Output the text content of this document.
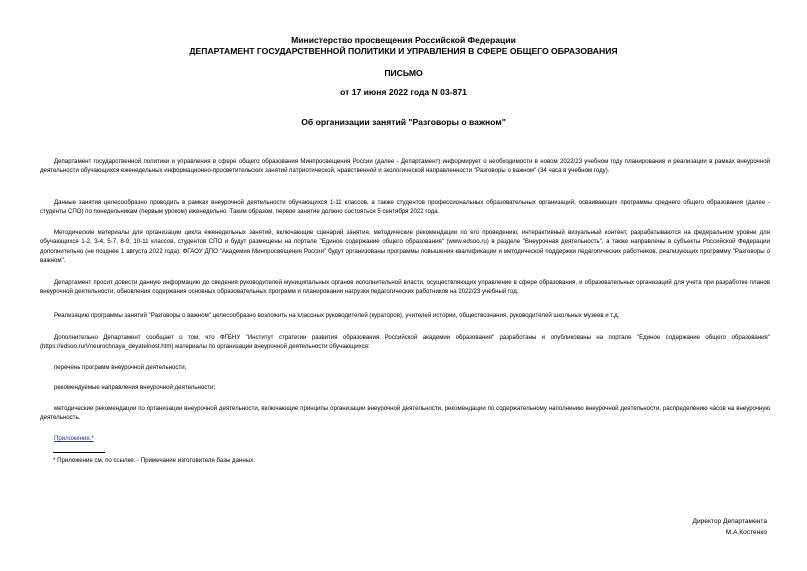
Министерство просвещения Российской Федерации
ДЕПАРТАМЕНТ ГОСУДАРСТВЕННОЙ ПОЛИТИКИ И УПРАВЛЕНИЯ В СФЕРЕ ОБЩЕГО ОБРАЗОВАНИЯ
ПИСЬМО
от 17 июня 2022 года N 03-871
Об организации занятий "Разговоры о важном"

Департамент государственной политики и управления в сфере общего образования Минпросвещения России (далее - Департамент) информирует о необходимости в новом 2022/23 учебном году планирования и реализации в рамках внеурочной деятельности обучающихся еженедельных информационно-просветительских занятий патриотической, нравственной и экологической направленности "Разговоры о важном" (34 часа в учебном году).

Данные занятия целесообразно проводить в рамках внеурочной деятельности обучающихся 1-11 классов, а также студентов профессиональных образовательных организаций, осваивающих программы среднего общего образования (далее - студенты СПО) по понедельникам (первым уроком) еженедельно. Таким образом, первое занятие должно состояться 5 сентября 2022 года.

Методические материалы для организации цикла еженедельных занятий, включающие сценарий занятия, методические рекомендации по его проведению, интерактивный визуальный контент, разрабатываются на федеральном уровне для обучающихся 1-2, 3-4, 5-7, 8-9, 10-11 классов, студентов СПО и будут размещены на портале "Единое содержание общего образования" (www.edsoo.ru) в разделе "Внеурочная деятельность", а также направлены в субъекты Российской Федерации дополнительно (не позднее 1 августа 2022 года). ФГАОУ ДПО "Академия Минпросвещения России" будут организованы программы повышения квалификации и методической поддержки педагогических работников, реализующих программу "Разговоры о важном".

Департамент просит довести данную информацию до сведения руководителей муниципальных органов исполнительной власти, осуществляющих управление в сфере образования, и образовательных организаций для учета при разработке планов внеурочной деятельности, обновления содержания основных образовательных программ и планировании нагрузки педагогических работников на 2022/23 учебный год.

Реализацию программы занятий "Разговоры о важном" целесообразно возложить на классных руководителей (кураторов), учителей истории, обществознания, руководителей школьных музеев и т.д.

Дополнительно Департамент сообщает о том, что ФГБНУ "Институт стратегии развития образования Российской академии образования" разработаны и опубликованы на портале "Единое содержание общего образования" (https://edsoo.ru/Vneurochnaya_deyatelnost.htm) материалы по организации внеурочной деятельности обучающихся:

перечень программ внеурочной деятельности;

рекомендуемые направления внеурочной деятельности;

методические рекомендации по организации внеурочной деятельности, включающие принципы организации внеурочной деятельности, рекомендации по содержательному наполнению внеурочной деятельности, распределению часов на внеурочную деятельность.

Приложение.*

* Приложение см. по ссылке. - Примечание изготовителя базы данных.
Директор Департамента
М.А.Костенко
